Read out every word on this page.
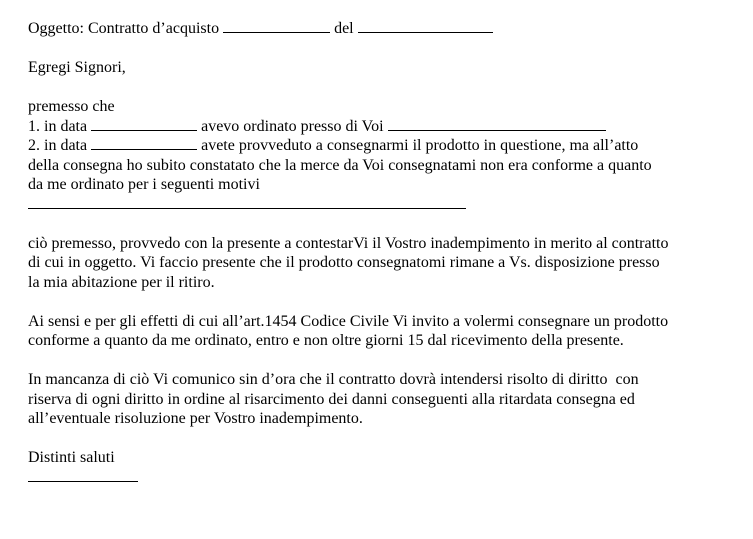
Oggetto: Contratto d’acquisto	del
Egregi Signori,
premesso che
1. in data	avevo ordinato presso di Voi
2. in data	avete provveduto a consegnarmi il prodotto in questione, ma all’atto
della consegna ho subito constatato che la merce da Voi consegnatami non era conforme a quanto
da me ordinato per i seguenti motivi
ciò premesso, provvedo con la presente a contestarVi il Vostro inadempimento in merito al contratto
di cui in oggetto. Vi faccio presente che il prodotto consegnatomi rimane a Vs. disposizione presso
la mia abitazione per il ritiro.
Ai sensi e per gli effetti di cui all’art.1454 Codice Civile Vi invito a volermi consegnare un prodotto
conforme a quanto da me ordinato, entro e non oltre giorni 15 dal ricevimento della presente.
In mancanza di ciò Vi comunico sin d’ora che il contratto dovrà intendersi risolto di diritto  con
riserva di ogni diritto in ordine al risarcimento dei danni conseguenti alla ritardata consegna ed
all’eventuale risoluzione per Vostro inadempimento.
Distinti saluti
